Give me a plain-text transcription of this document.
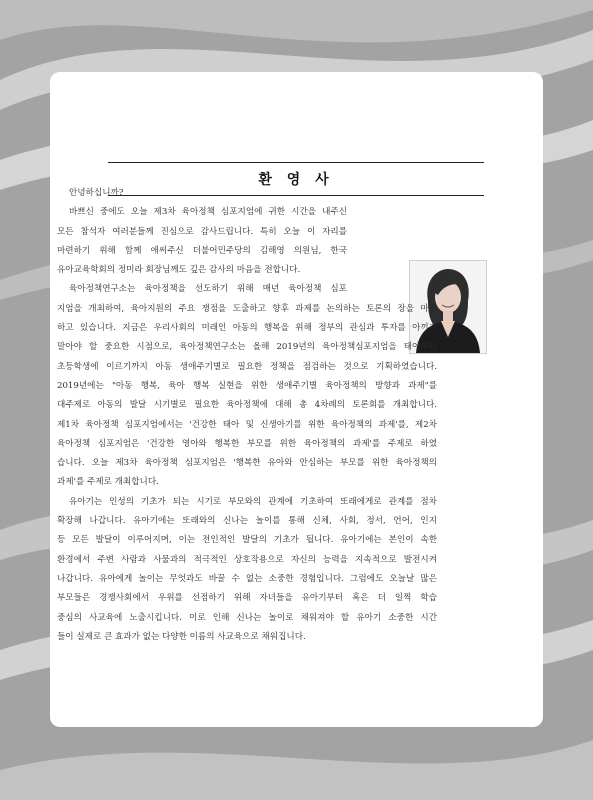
환 영 사

안녕하십니까?

바쁘신 중에도 오늘 제3차 육아정책 심포지엄에 귀한 시간을 내주신
모든 참석자 여러분들께 진심으로 감사드립니다. 특히 오늘 이 자리를
마련하기 위해 함께 애써주신 더불어민주당의 김해영 의원님, 한국
유아교육학회의 정미라 회장님께도 깊은 감사의 마음을 전합니다.

육아정책연구소는 육아정책을 선도하기 위해 매년 육아정책 심포
지엄을 개최하여, 육아지원의 주요 쟁점을 도출하고 향후 과제를 논의하는 토론의 장을 마련
하고 있습니다. 지금은 우리사회의 미래인 아동의 행복을 위해 정부의 관심과 투자를 아끼지
말아야 할 중요한 시점으로, 육아정책연구소는 올해 2019년의 육아정책심포지엄을 태아부터
초등학생에 이르기까지 아동 생애주기별로 필요한 정책을 점검하는 것으로 기획하였습니다.
2019년에는 "아동 행복, 육아 행복 실현을 위한 생애주기별 육아정책의 방향과 과제"를
대주제로 아동의 발달 시기별로 필요한 육아정책에 대해 총 4차례의 토론회를 개최합니다.
제1차 육아정책 심포지엄에서는 '건강한 태아 및 신생아기를 위한 육아정책의 과제'를, 제2차
육아정책 심포지엄은 '건강한 영아와 행복한 부모를 위한 육아정책의 과제'를 주제로 하였
습니다. 오늘 제3차 육아정책 심포지엄은 '행복한 유아와 안심하는 부모를 위한 육아정책의
과제'를 주제로 개최합니다.

유아기는 인성의 기초가 되는 시기로 부모와의 관계에 기초하여 또래에게로 관계를 점차
확장해 나갑니다. 유아기에는 또래와의 신나는 놀이를 통해 신체, 사회, 정서, 언어, 인지
등 모든 발달이 이루어지며, 이는 전인적인 발달의 기초가 됩니다. 유아기에는 본인이 속한
환경에서 주변 사람과 사물과의 적극적인 상호작용으로 자신의 능력을 지속적으로 발전시켜
나갑니다. 유아에게 놀이는 무엇과도 바꿀 수 없는 소중한 경험입니다. 그럼에도 오늘날 많은
부모들은 경쟁사회에서 우위를 선점하기 위해 자녀들을 유아기부터 혹은 더 일찍 학습
중심의 사교육에 노출시킵니다. 이로 인해 신나는 놀이로 채워져야 할 유아기 소중한 시간
들이 실제로 큰 효과가 없는 다양한 이름의 사교육으로 채워집니다.
